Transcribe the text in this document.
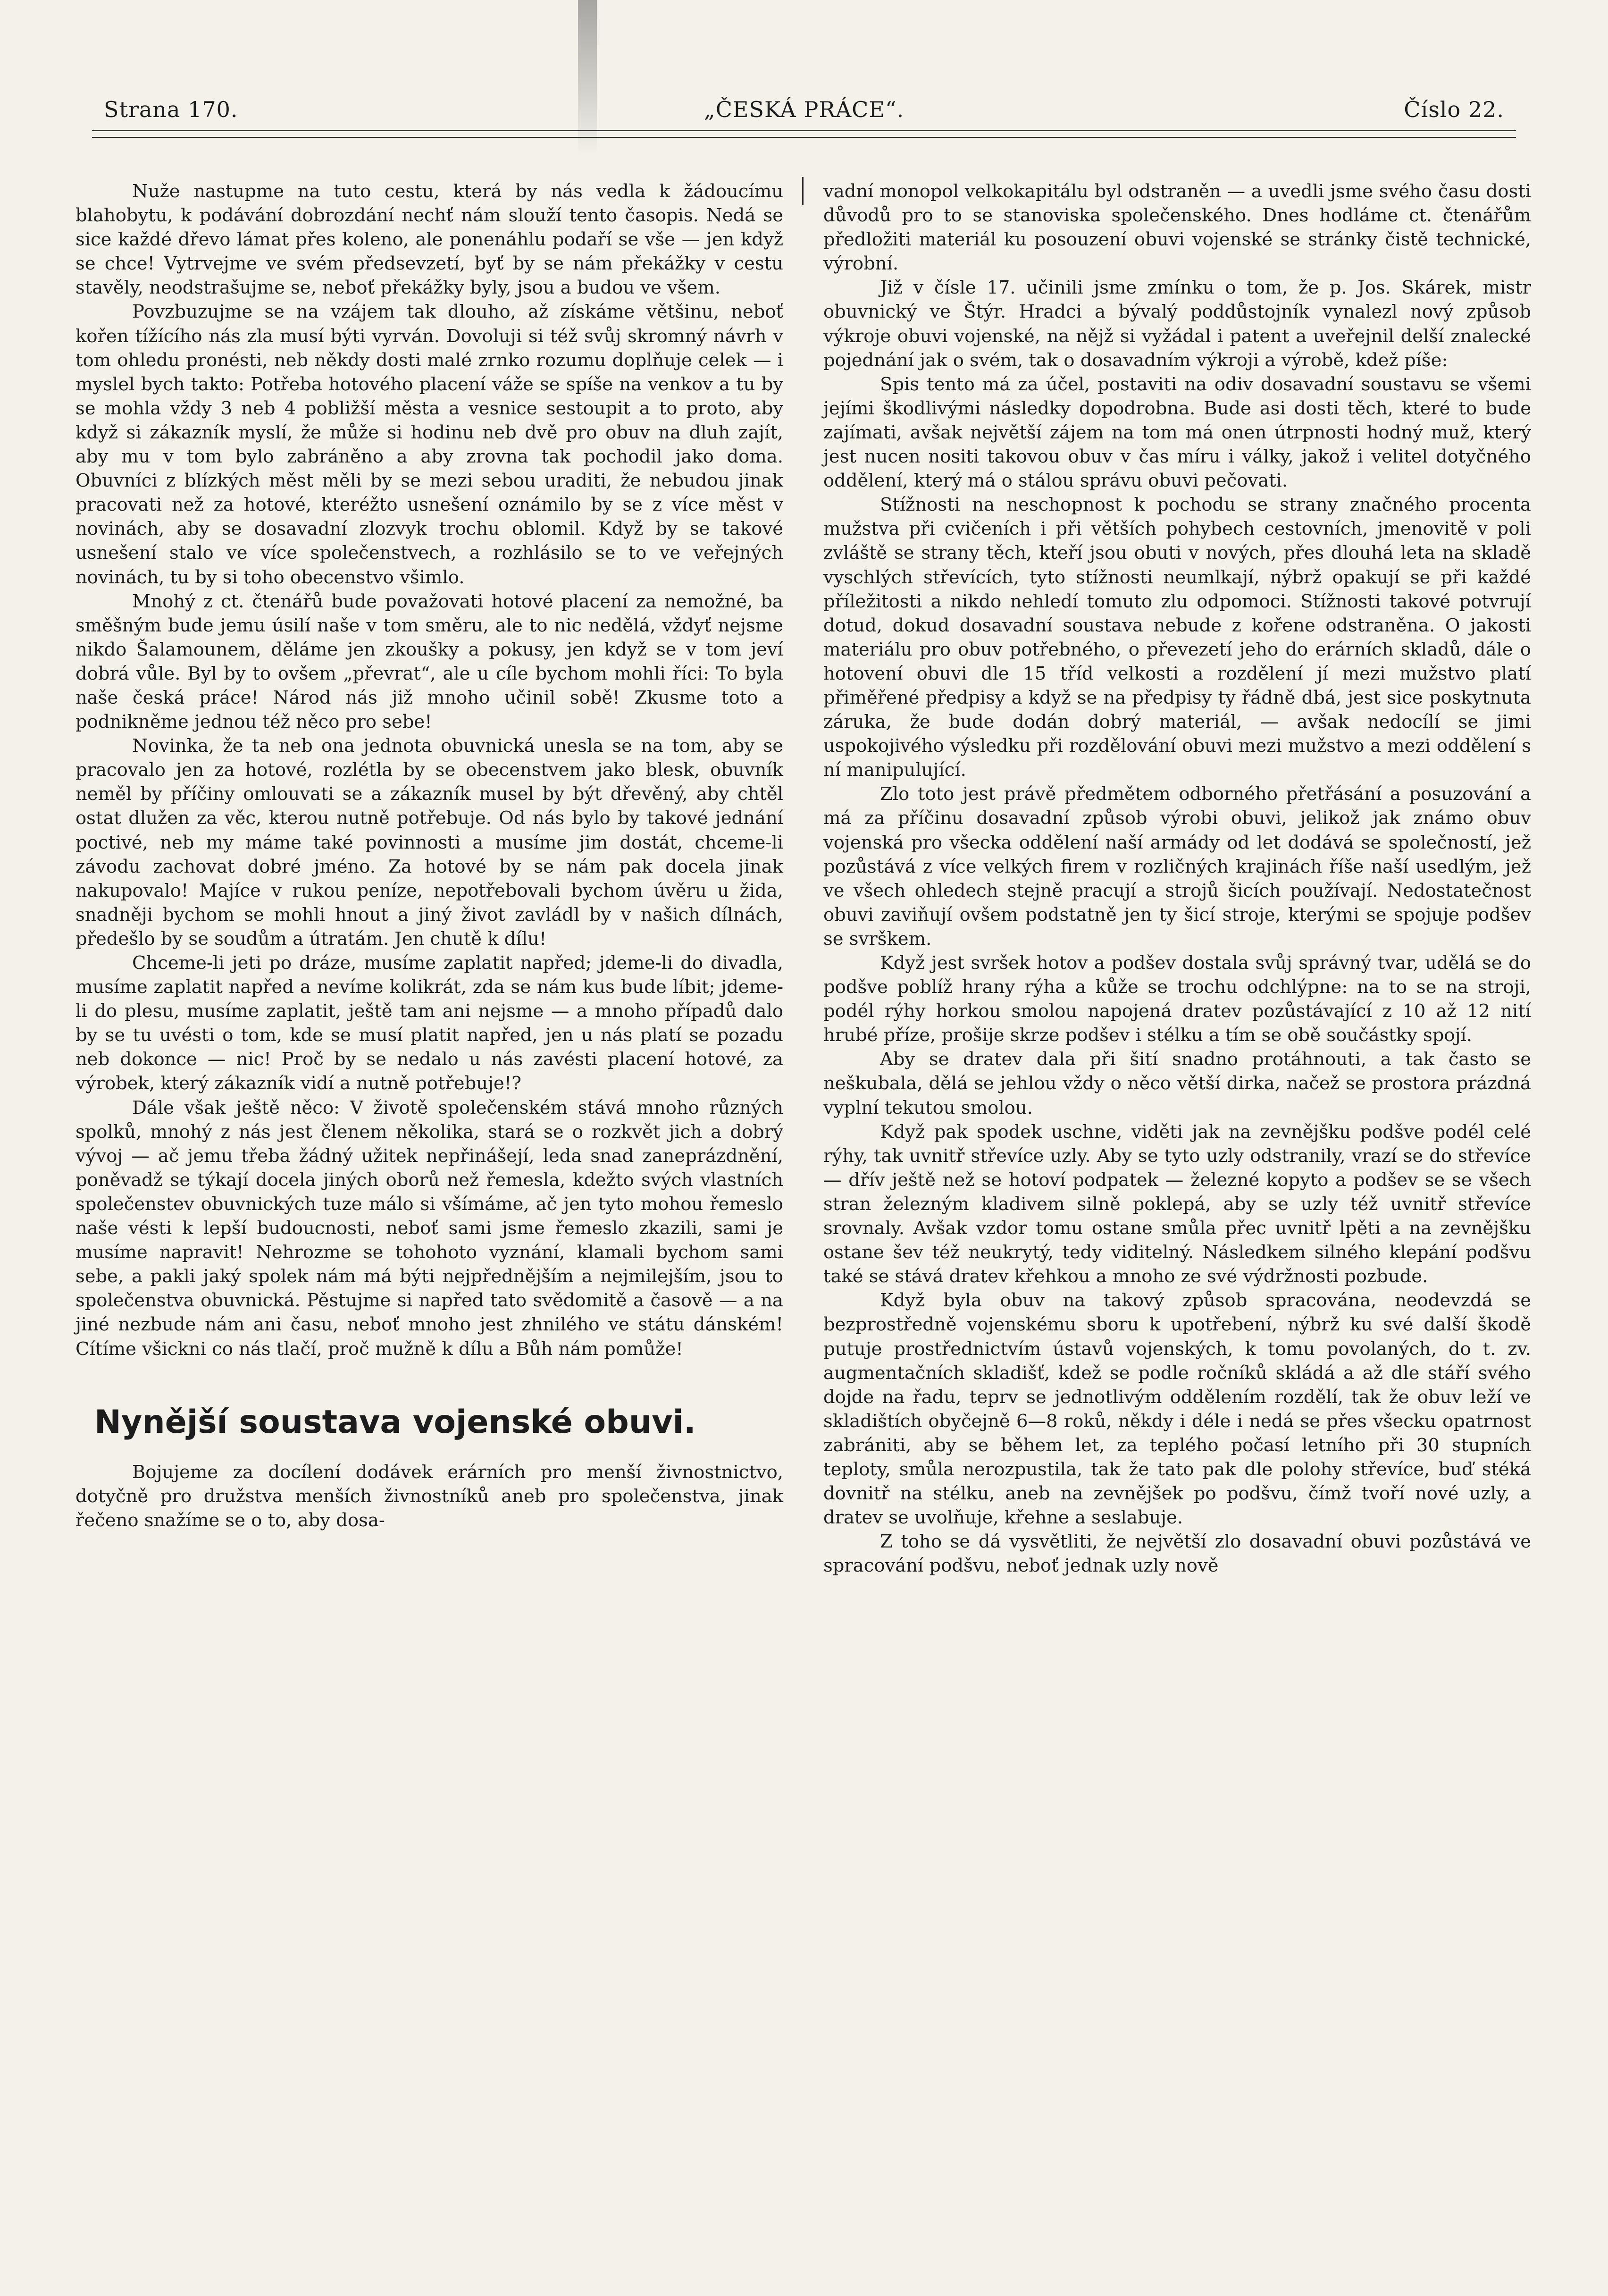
Strana 170.	„ČESKÁ PRÁCE“.	Číslo 22.

Nuže nastupme na tuto cestu, která by nás vedla k žádoucímu blahobytu, k podávání dobrozdání nechť nám slouží tento časopis. Nedá se sice každé dřevo lámat přes koleno, ale ponenáhlu podaří se vše — jen když se chce! Vytrvejme ve svém předsevzetí, byť by se nám překážky v cestu stavěly, neodstrašujme se, neboť překážky byly, jsou a budou ve všem.

Povzbuzujme se na vzájem tak dlouho, až získáme většinu, neboť kořen tížícího nás zla musí býti vyrván. Dovoluji si též svůj skromný návrh v tom ohledu pronésti, neb někdy dosti malé zrnko rozumu doplňuje celek — i myslel bych takto: Potřeba hotového placení váže se spíše na venkov a tu by se mohla vždy 3 neb 4 pobližší města a vesnice sestoupit a to proto, aby když si zákazník myslí, že může si hodinu neb dvě pro obuv na dluh zajít, aby mu v tom bylo zabráněno a aby zrovna tak pochodil jako doma. Obuvníci z blízkých měst měli by se mezi sebou uraditi, že nebudou jinak pracovati než za hotové, kteréžto usnešení oznámilo by se z více měst v novinách, aby se dosavadní zlozvyk trochu oblomil. Když by se takové usnešení stalo ve více společenstvech, a rozhlásilo se to ve veřejných novinách, tu by si toho obecenstvo všimlo.

Mnohý z ct. čtenářů bude považovati hotové placení za nemožné, ba směšným bude jemu úsilí naše v tom směru, ale to nic nedělá, vždyť nejsme nikdo Šalamounem, děláme jen zkoušky a pokusy, jen když se v tom jeví dobrá vůle. Byl by to ovšem „převrat“, ale u cíle bychom mohli říci: To byla naše česká práce! Národ nás již mnoho učinil sobě! Zkusme toto a podnikněme jednou též něco pro sebe!

Novinka, že ta neb ona jednota obuvnická unesla se na tom, aby se pracovalo jen za hotové, rozlétla by se obecenstvem jako blesk, obuvník neměl by příčiny omlouvati se a zákazník musel by být dřevěný, aby chtěl ostat dlužen za věc, kterou nutně potřebuje. Od nás bylo by takové jednání poctivé, neb my máme také povinnosti a musíme jim dostát, chceme-li závodu zachovat dobré jméno. Za hotové by se nám pak docela jinak nakupovalo! Majíce v rukou peníze, nepotřebovali bychom úvěru u žida, snadněji bychom se mohli hnout a jiný život zavládl by v našich dílnách, předešlo by se soudům a útratám. Jen chutě k dílu!

Chceme-li jeti po dráze, musíme zaplatit napřed; jdeme-li do divadla, musíme zaplatit napřed a nevíme kolikrát, zda se nám kus bude líbit; jdeme-li do plesu, musíme zaplatit, ještě tam ani nejsme — a mnoho případů dalo by se tu uvésti o tom, kde se musí platit napřed, jen u nás platí se pozadu neb dokonce — nic! Proč by se nedalo u nás zavésti placení hotové, za výrobek, který zákazník vidí a nutně potřebuje!?

Dále však ještě něco: V životě společenském stává mnoho různých spolků, mnohý z nás jest členem několika, stará se o rozkvět jich a dobrý vývoj — ač jemu třeba žádný užitek nepřinášejí, leda snad zaneprázdnění, poněvadž se týkají docela jiných oborů než řemesla, kdežto svých vlastních společenstev obuvnických tuze málo si všímáme, ač jen tyto mohou řemeslo naše vésti k lepší budoucnosti, neboť sami jsme řemeslo zkazili, sami je musíme napravit! Nehrozme se tohohoto vyznání, klamali bychom sami sebe, a pakli jaký spolek nám má býti nejpřednějším a nejmilejším, jsou to společenstva obuvnická. Pěstujme si napřed tato svědomitě a časově — a na jiné nezbude nám ani času, neboť mnoho jest zhnilého ve státu dánském! Cítíme všickni co nás tlačí, proč mužně k dílu a Bůh nám pomůže!

Nynější soustava vojenské obuvi.

Bojujeme za docílení dodávek erárních pro menší živnostnictvo, dotyčně pro družstva menších živnostníků aneb pro společenstva, jinak řečeno snažíme se o to, aby dosa-

vadní monopol velkokapitálu byl odstraněn — a uvedli jsme svého času dosti důvodů pro to se stanoviska společenského. Dnes hodláme ct. čtenářům předložiti materiál ku posouzení obuvi vojenské se stránky čistě technické, výrobní.

Již v čísle 17. učinili jsme zmínku o tom, že p. Jos. Skárek, mistr obuvnický ve Štýr. Hradci a bývalý poddůstojník vynalezl nový způsob výkroje obuvi vojenské, na nějž si vyžádal i patent a uveřejnil delší znalecké pojednání jak o svém, tak o dosavadním výkroji a výrobě, kdež píše:

Spis tento má za účel, postaviti na odiv dosavadní soustavu se všemi jejími škodlivými následky dopodrobna. Bude asi dosti těch, které to bude zajímati, avšak největší zájem na tom má onen útrpnosti hodný muž, který jest nucen nositi takovou obuv v čas míru i války, jakož i velitel dotyčného oddělení, který má o stálou správu obuvi pečovati.

Stížnosti na neschopnost k pochodu se strany značného procenta mužstva při cvičeních i při větších pohybech cestovních, jmenovitě v poli zvláště se strany těch, kteří jsou obuti v nových, přes dlouhá leta na skladě vyschlých střevících, tyto stížnosti neumlkají, nýbrž opakují se při každé příležitosti a nikdo nehledí tomuto zlu odpomoci. Stížnosti takové potvrují dotud, dokud dosavadní soustava nebude z kořene odstraněna. O jakosti materiálu pro obuv potřebného, o převezetí jeho do erárních skladů, dále o hotovení obuvi dle 15 tříd velkosti a rozdělení jí mezi mužstvo platí přiměřené předpisy a když se na předpisy ty řádně dbá, jest sice poskytnuta záruka, že bude dodán dobrý materiál, — avšak nedocílí se jimi uspokojivého výsledku při rozdělování obuvi mezi mužstvo a mezi oddělení s ní manipulující.

Zlo toto jest právě předmětem odborného přetřásání a posuzování a má za příčinu dosavadní způsob výrobi obuvi, jelikož jak známo obuv vojenská pro všecka oddělení naší armády od let dodává se společností, jež pozůstává z více velkých firem v rozličných krajinách říše naší usedlým, jež ve všech ohledech stejně pracují a strojů šicích používají. Nedostatečnost obuvi zaviňují ovšem podstatně jen ty šicí stroje, kterými se spojuje podšev se svrškem.

Když jest svršek hotov a podšev dostala svůj správný tvar, udělá se do podšve poblíž hrany rýha a kůže se trochu odchlýpne: na to se na stroji, podél rýhy horkou smolou napojená dratev pozůstávající z 10 až 12 nití hrubé příze, prošije skrze podšev i stélku a tím se obě součástky spojí.

Aby se dratev dala při šití snadno protáhnouti, a tak často se neškubala, dělá se jehlou vždy o něco větší dirka, načež se prostora prázdná vyplní tekutou smolou.

Když pak spodek uschne, viděti jak na zevnějšku podšve podél celé rýhy, tak uvnitř střevíce uzly. Aby se tyto uzly odstranily, vrazí se do střevíce — dřív ještě než se hotoví podpatek — železné kopyto a podšev se se všech stran železným kladivem silně poklepá, aby se uzly též uvnitř střevíce srovnaly. Avšak vzdor tomu ostane smůla přec uvnitř lpěti a na zevnějšku ostane šev též neukrytý, tedy viditelný. Následkem silného klepání podšvu také se stává dratev křehkou a mnoho ze své výdržnosti pozbude.

Když byla obuv na takový způsob spracována, neodevzdá se bezprostředně vojenskému sboru k upotřebení, nýbrž ku své další škodě putuje prostřednictvím ústavů vojenských, k tomu povolaných, do t. zv. augmentačních skladišť, kdež se podle ročníků skládá a až dle stáří svého dojde na řadu, teprv se jednotlivým oddělením rozdělí, tak že obuv leží ve skladištích obyčejně 6—8 roků, někdy i déle i nedá se přes všecku opatrnost zabrániti, aby se během let, za teplého počasí letního při 30 stupních teploty, smůla nerozpustila, tak že tato pak dle polohy střevíce, buď stéká dovnitř na stélku, aneb na zevnějšek po podšvu, čímž tvoří nové uzly, a dratev se uvolňuje, křehne a seslabuje.

Z toho se dá vysvětliti, že největší zlo dosavadní obuvi pozůstává ve spracování podšvu, neboť jednak uzly nově
